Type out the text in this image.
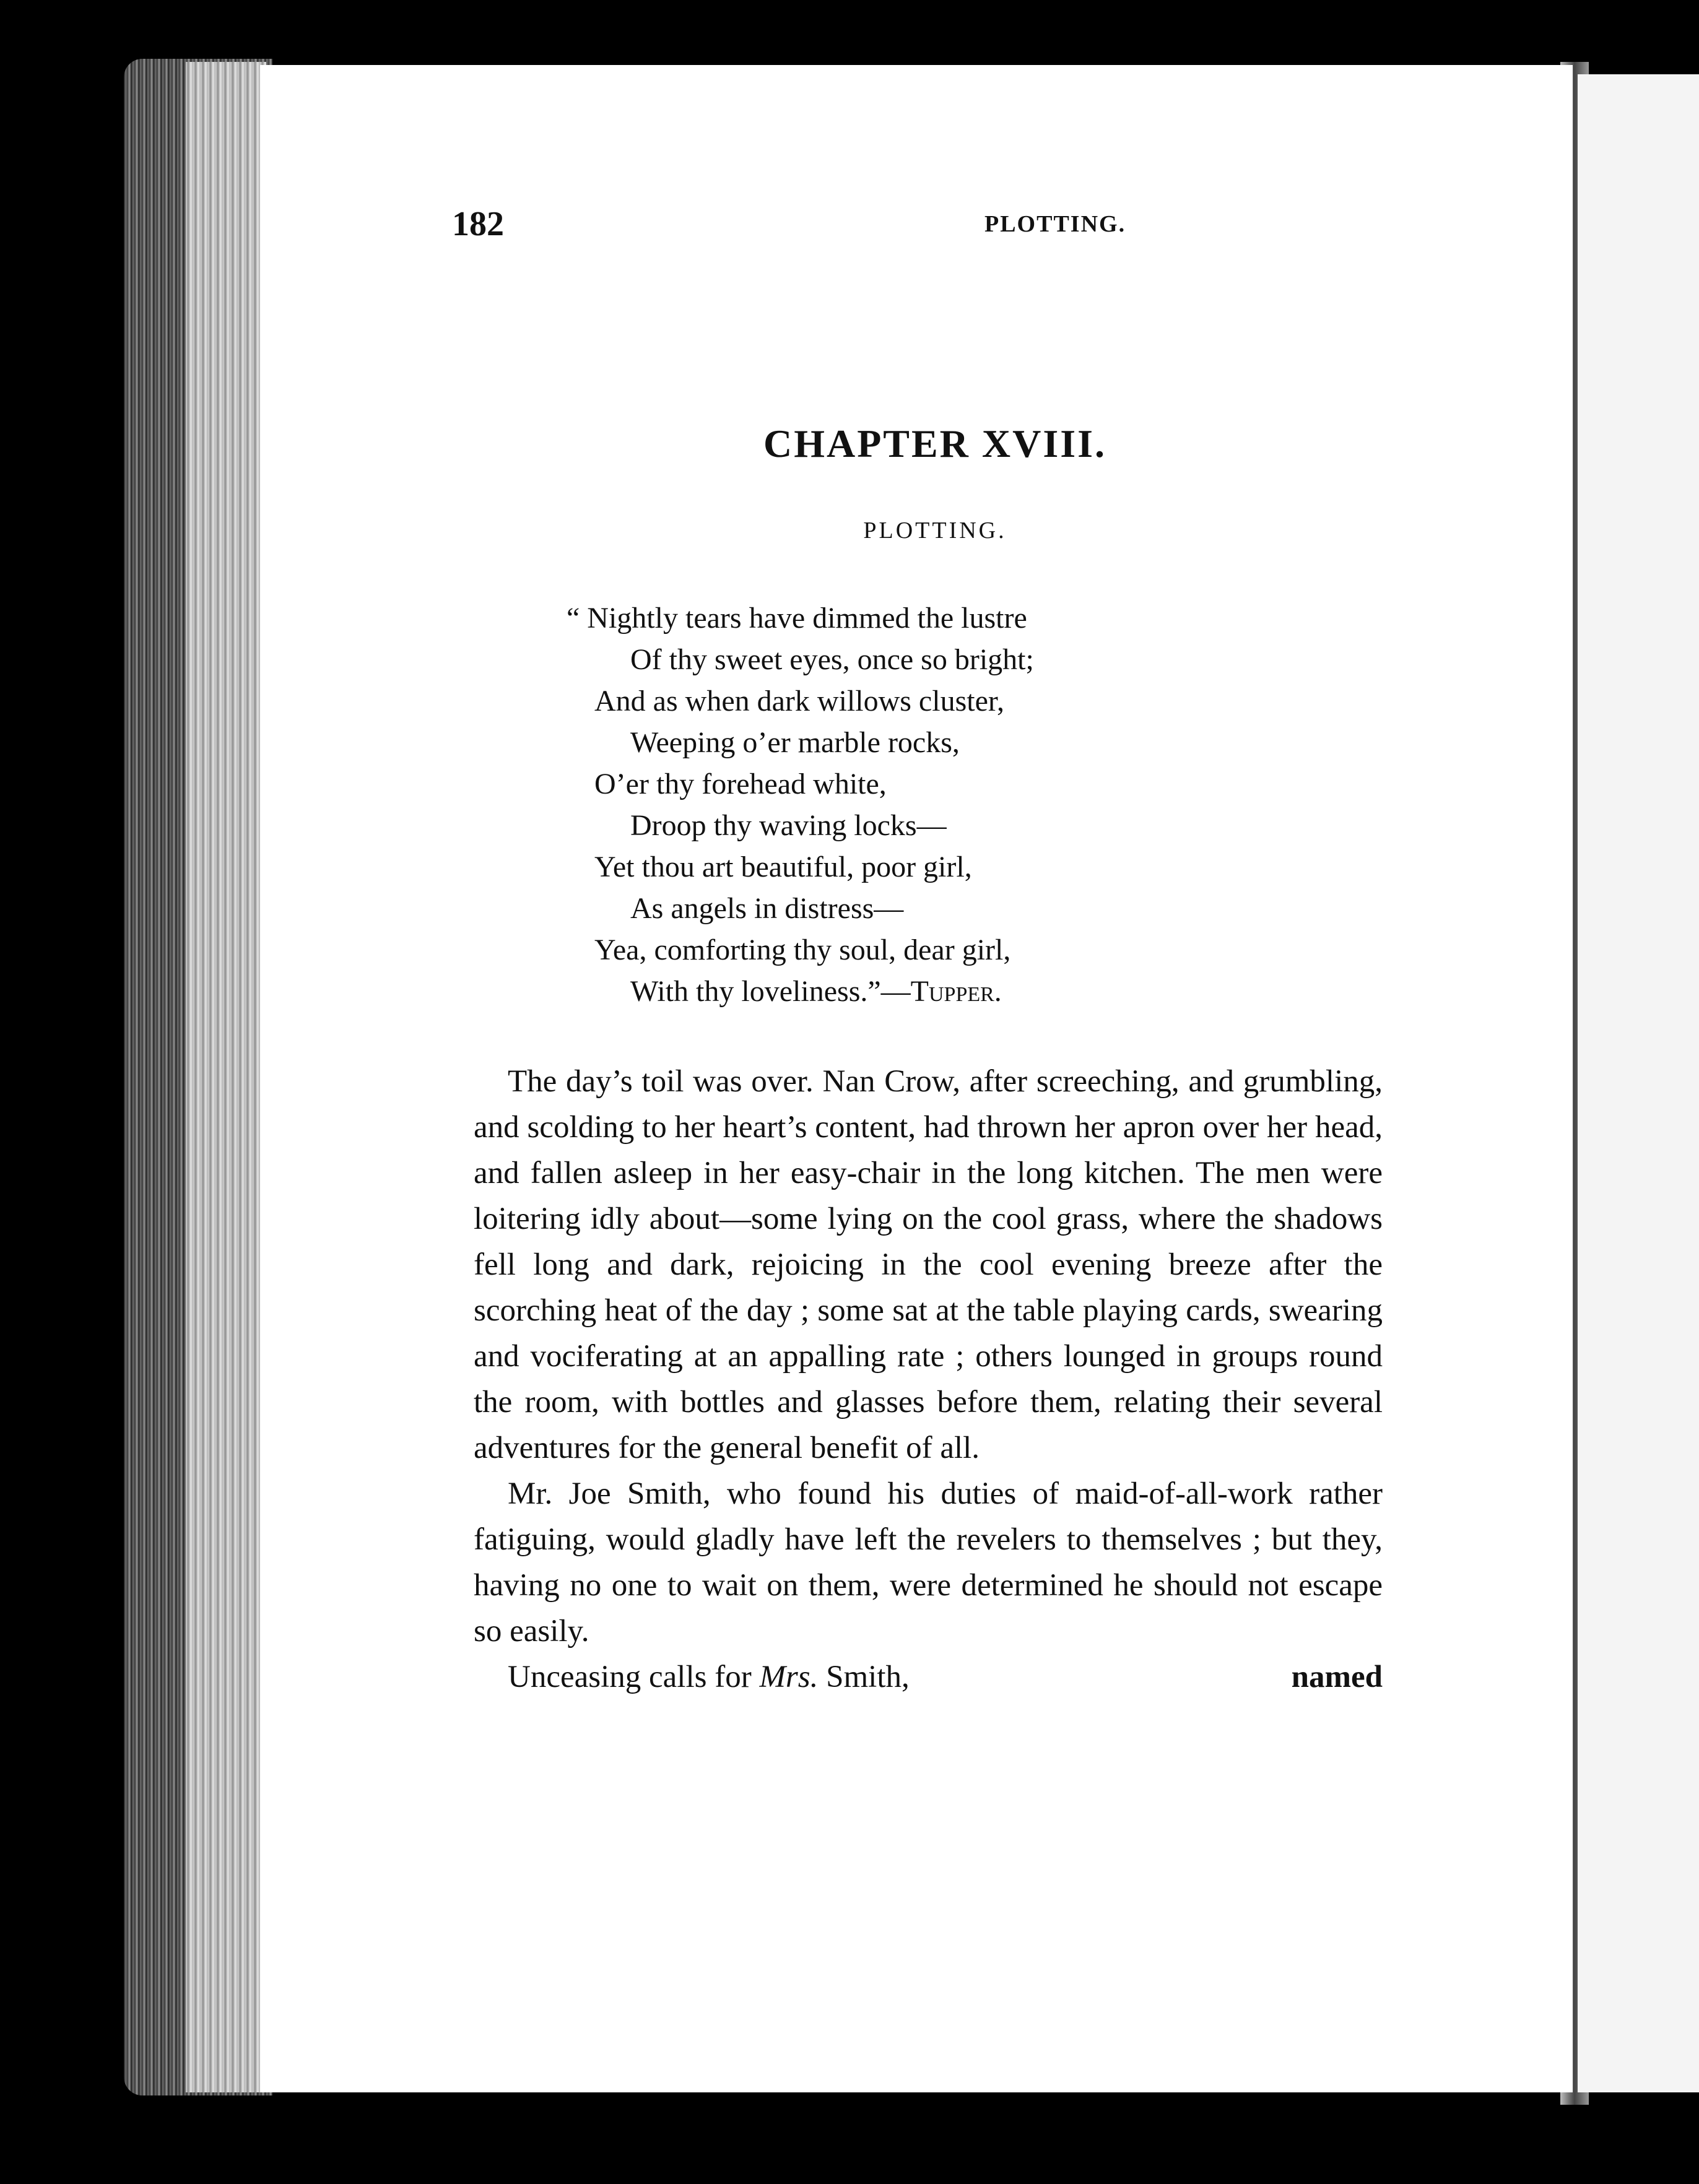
182	PLOTTING.
CHAPTER XVIII.
PLOTTING.
“ Nightly tears have dimmed the lustre
Of thy sweet eyes, once so bright;
And as when dark willows cluster,
Weeping o’er marble rocks,
O’er thy forehead white,
Droop thy waving locks—
Yet thou art beautiful, poor girl,
As angels in distress—
Yea, comforting thy soul, dear girl,
With thy loveliness.”—Tupper.

The day’s toil was over. Nan Crow, after screeching, and grumbling, and scolding to her heart’s content, had thrown her apron over her head, and fallen asleep in her easy-chair in the long kitchen. The men were loitering idly about—some lying on the cool grass, where the shadows fell long and dark, rejoicing in the cool evening breeze after the scorching heat of the day ; some sat at the table playing cards, swearing and vociferating at an appalling rate ; others lounged in groups round the room, with bottles and glasses before them, relating their several adventures for the general benefit of all.

Mr. Joe Smith, who found his duties of maid-of-all-work rather fatiguing, would gladly have left the revelers to themselves ; but they, having no one to wait on them, were determined he should not escape so easily.

Unceasing calls for Mrs. Smith,	named
